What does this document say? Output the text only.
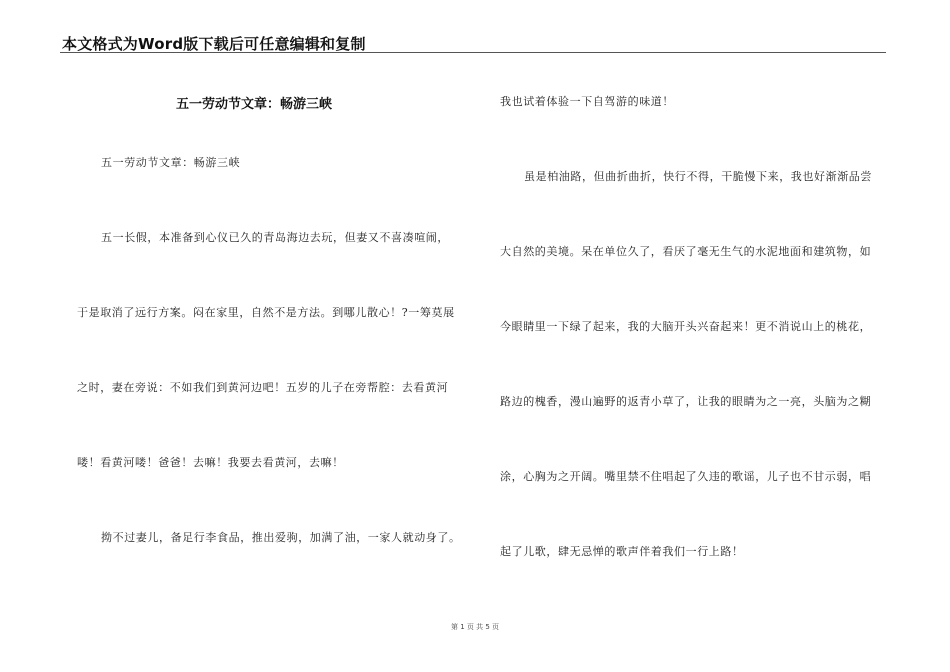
本文格式为Word版下载后可任意编辑和复制
五一劳动节文章：畅游三峡
五一劳动节文章：畅游三峡
五一长假，本准备到心仪已久的青岛海边去玩，但妻又不喜凑喧闹，
于是取消了远行方案。闷在家里，自然不是方法。到哪儿散心！?一筹莫展
之时，妻在旁说：不如我们到黄河边吧！五岁的儿子在旁帮腔：去看黄河
喽！看黄河喽！爸爸！去嘛！我要去看黄河，去嘛！
拗不过妻儿，备足行李食品，推出爱驹，加满了油，一家人就动身了。
我也试着体验一下自驾游的味道！
虽是柏油路，但曲折曲折，快行不得，干脆慢下来，我也好渐渐品尝
大自然的美境。呆在单位久了，看厌了毫无生气的水泥地面和建筑物，如
今眼睛里一下绿了起来，我的大脑开头兴奋起来！更不消说山上的桃花，
路边的槐香，漫山遍野的返青小草了，让我的眼睛为之一亮，头脑为之糊
涂，心胸为之开阔。嘴里禁不住唱起了久违的歌谣，儿子也不甘示弱，唱
起了儿歌，肆无忌惮的歌声伴着我们一行上路！
第 1 页 共 5 页
